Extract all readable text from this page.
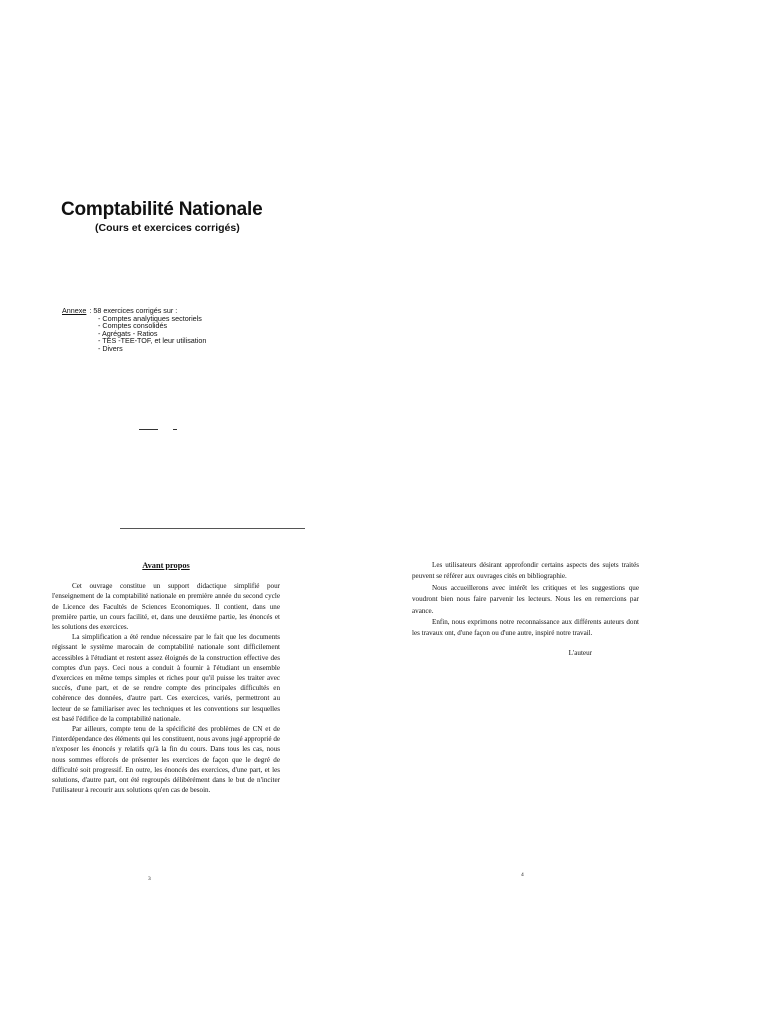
Comptabilité Nationale
(Cours et exercices corrigés)
Annexe : 58 exercices corrigés sur :
- Comptes analytiques sectoriels
- Comptes consolidés
- Agrégats - Ratios
- TES -TEE-TOF, et leur utilisation
- Divers
Avant propos

Cet ouvrage constitue un support didactique simplifié pour l'enseignement de la comptabilité nationale en première année du second cycle de Licence des Facultés de Sciences Economiques. Il contient, dans une première partie, un cours facilité, et, dans une deuxième partie, les énoncés et les solutions des exercices.

La simplification a été rendue nécessaire par le fait que les documents régissant le système marocain de comptabilité nationale sont difficilement accessibles à l'étudiant et restent assez éloignés de la construction effective des comptes d'un pays. Ceci nous a conduit à fournir à l'étudiant un ensemble d'exercices en même temps simples et riches pour qu'il puisse les traiter avec succès, d'une part, et de se rendre compte des principales difficultés en cohérence des données, d'autre part. Ces exercices, variés, permettront au lecteur de se familiariser avec les techniques et les conventions sur lesquelles est basé l'édifice de la comptabilité nationale.

Par ailleurs, compte tenu de la spécificité des problèmes de CN et de l'interdépendance des éléments qui les constituent, nous avons jugé approprié de n'exposer les énoncés y relatifs qu'à la fin du cours. Dans tous les cas, nous nous sommes efforcés de présenter les exercices de façon que le degré de difficulté soit progressif. En outre, les énoncés des exercices, d'une part, et les solutions, d'autre part, ont été regroupés délibérément dans le but de n'inciter l'utilisateur à recourir aux solutions qu'en cas de besoin.

Les utilisateurs désirant approfondir certains aspects des sujets traités peuvent se référer aux ouvrages cités en bibliographie.

Nous accueillerons avec intérêt les critiques et les suggestions que voudront bien nous faire parvenir les lecteurs. Nous les en remercions par avance.

Enfin, nous exprimons notre reconnaissance aux différents auteurs dont les travaux ont, d'une façon ou d'une autre, inspiré notre travail.

L'auteur

3
4
